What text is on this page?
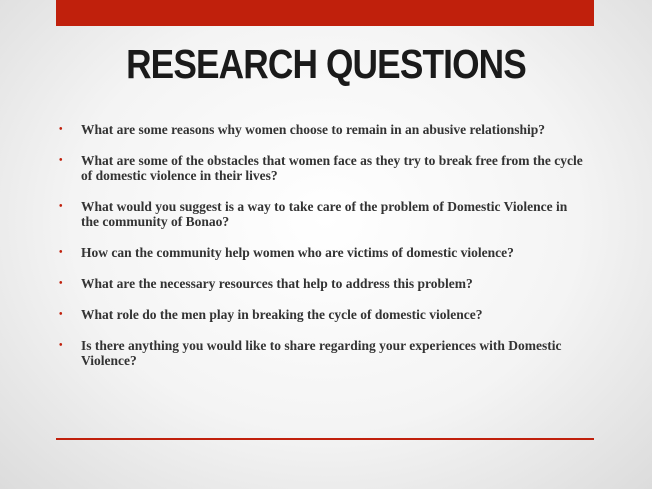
RESEARCH QUESTIONS
• What are some reasons why women choose to remain in an abusive relationship?
• What are some of the obstacles that women face as they try to break free from the cycle of domestic violence in their lives?
• What would you suggest is a way to take care of the problem of Domestic Violence in the community of Bonao?
• How can the community help women who are victims of domestic violence?
• What are the necessary resources that help to address this problem?
• What role do the men play in breaking the cycle of domestic violence?
• Is there anything you would like to share regarding your experiences with Domestic Violence?
